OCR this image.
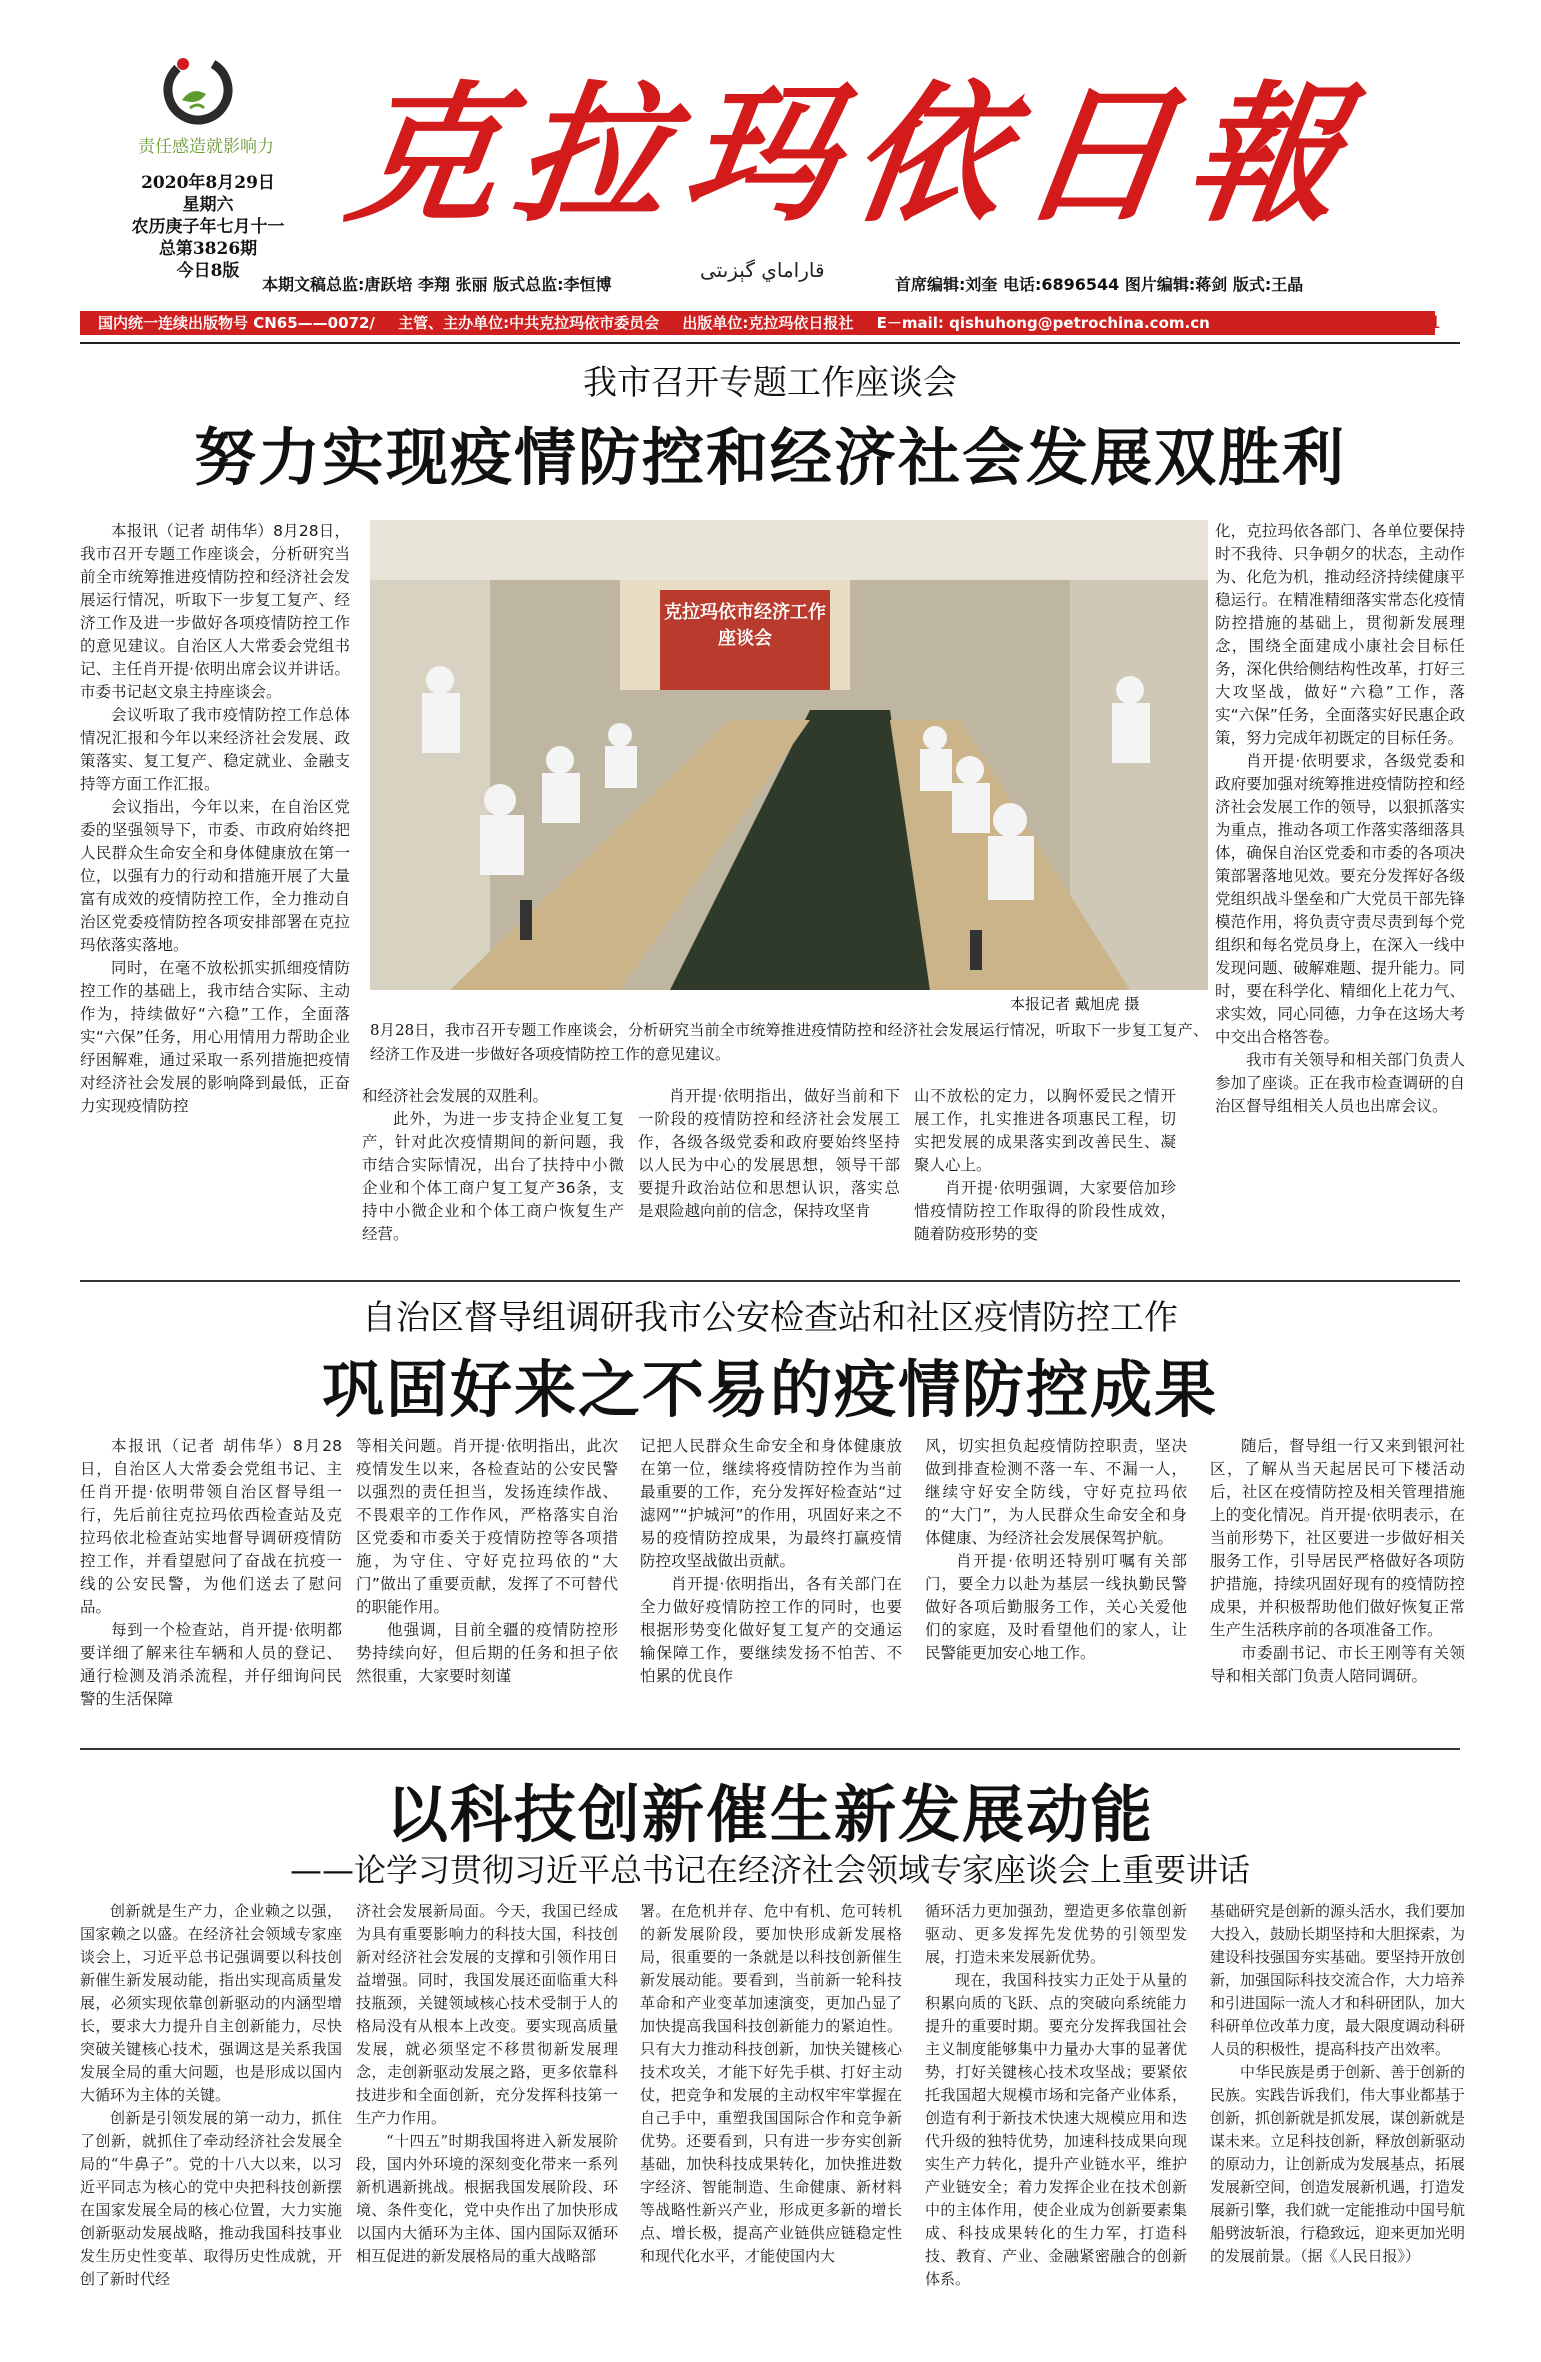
责任感造就影响力
2020年8月29日
星期六
农历庚子年七月十一
总第3826期
今日8版
克拉玛依日報
قاراماي گېزىتى
本期文稿总监:唐跃培 李翔 张丽 版式总监:李恒博	首席编辑:刘奎 电话:6896544 图片编辑:蒋剑 版式:王晶
国内统一连续出版物号 CN65——0072/ 主管、主办单位:中共克拉玛依市委员会 出版单位:克拉玛依日报社 E－mail: qishuhong@petrochina.com.cn	01
我市召开专题工作座谈会
努力实现疫情防控和经济社会发展双胜利

本报讯（记者 胡伟华）8月28日，我市召开专题工作座谈会，分析研究当前全市统筹推进疫情防控和经济社会发展运行情况，听取下一步复工复产、经济工作及进一步做好各项疫情防控工作的意见建议。自治区人大常委会党组书记、主任肖开提·依明出席会议并讲话。市委书记赵文泉主持座谈会。

会议听取了我市疫情防控工作总体情况汇报和今年以来经济社会发展、政策落实、复工复产、稳定就业、金融支持等方面工作汇报。

会议指出，今年以来，在自治区党委的坚强领导下，市委、市政府始终把人民群众生命安全和身体健康放在第一位，以强有力的行动和措施开展了大量富有成效的疫情防控工作，全力推动自治区党委疫情防控各项安排部署在克拉玛依落实落地。

同时，在毫不放松抓实抓细疫情防控工作的基础上，我市结合实际、主动作为，持续做好“六稳”工作，全面落实“六保”任务，用心用情用力帮助企业纾困解难，通过采取一系列措施把疫情对经济社会发展的影响降到最低，正奋力实现疫情防控

克拉玛依市经济工作座谈会
本报记者 戴旭虎 摄
8月28日，我市召开专题工作座谈会，分析研究当前全市统筹推进疫情防控和经济社会发展运行情况，听取下一步复工复产、经济工作及进一步做好各项疫情防控工作的意见建议。

和经济社会发展的双胜利。

此外，为进一步支持企业复工复产，针对此次疫情期间的新问题，我市结合实际情况，出台了扶持中小微企业和个体工商户复工复产36条，支持中小微企业和个体工商户恢复生产经营。

肖开提·依明指出，做好当前和下一阶段的疫情防控和经济社会发展工作，各级各级党委和政府要始终坚持以人民为中心的发展思想，领导干部要提升政治站位和思想认识，落实￼总是艰险越向前的信念，保持攻坚肯

山不放松的定力，以胸怀爱民之情开展工作，扎实推进各项惠民工程，切实把发展的成果落实到改善民生、凝聚人心上。

肖开提·依明强调，大家要倍加珍惜疫情防控工作取得的阶段性成效，随着防疫形势的变

化，克拉玛依各部门、各单位要保持时不我待、只争朝夕的状态，主动作为、化危为机，推动经济持续健康平稳运行。在精准精细落实常态化疫情防控措施的基础上，贯彻新发展理念，围绕全面建成小康社会目标任务，深化供给侧结构性改革，打好三大攻坚战，做好“六稳”工作，落实“六保”任务，全面落实好民惠企政策，努力完成年初既定的目标任务。

肖开提·依明要求，各级党委和政府要加强对统筹推进疫情防控和经济社会发展工作的领导，以狠抓落实为重点，推动各项工作落实落细落具体，确保自治区党委和市委的各项决策部署落地见效。要充分发挥好各级党组织战斗堡垒和广大党员干部先锋模范作用，将负责守责尽责到每个党组织和每名党员身上，在深入一线中发现问题、破解难题、提升能力。同时，要在科学化、精细化上花力气、求实效，同心同德，力争在这场大考中交出合格答卷。

我市有关领导和相关部门负责人参加了座谈。正在我市检查调研的自治区督导组相关人员也出席会议。

自治区督导组调研我市公安检查站和社区疫情防控工作
巩固好来之不易的疫情防控成果

本报讯（记者 胡伟华）8月28日，自治区人大常委会党组书记、主任肖开提·依明带领自治区督导组一行，先后前往克拉玛依西检查站及克拉玛依北检查站实地督导调研疫情防控工作，并看望慰问了奋战在抗疫一线的公安民警，为他们送去了慰问品。

每到一个检查站，肖开提·依明都要详细了解来往车辆和人员的登记、通行检测及消杀流程，并仔细询问民警的生活保障

等相关问题。肖开提·依明指出，此次疫情发生以来，各检查站的公安民警以强烈的责任担当，发扬连续作战、不畏艰辛的工作作风，严格落实自治区党委和市委关于疫情防控等各项措施，为守住、守好克拉玛依的“大门”做出了重要贡献，发挥了不可替代的职能作用。

他强调，目前全疆的疫情防控形势持续向好，但后期的任务和担子依然很重，大家要时刻谨

记把人民群众生命安全和身体健康放在第一位，继续将疫情防控作为当前最重要的工作，充分发挥好检查站“过滤网”“护城河”的作用，巩固好来之不易的疫情防控成果，为最终打赢疫情防控攻坚战做出贡献。

肖开提·依明指出，各有关部门在全力做好疫情防控工作的同时，也要根据形势变化做好复工复产的交通运输保障工作，要继续发扬不怕苦、不怕累的优良作

风，切实担负起疫情防控职责，坚决做到排查检测不落一车、不漏一人，继续守好安全防线，守好克拉玛依的“大门”，为人民群众生命安全和身体健康、为经济社会发展保驾护航。

肖开提·依明还特别叮嘱有关部门，要全力以赴为基层一线执勤民警做好各项后勤服务工作，关心关爱他们的家庭，及时看望他们的家人，让民警能更加安心地工作。

随后，督导组一行又来到银河社区，了解从当天起居民可下楼活动后，社区在疫情防控及相关管理措施上的变化情况。肖开提·依明表示，在当前形势下，社区要进一步做好相关服务工作，引导居民严格做好各项防护措施，持续巩固好现有的疫情防控成果，并积极帮助他们做好恢复正常生产生活秩序前的各项准备工作。

市委副书记、市长王刚等有关领导和相关部门负责人陪同调研。

以科技创新催生新发展动能
——论学习贯彻习近平总书记在经济社会领域专家座谈会上重要讲话

创新就是生产力，企业赖之以强，国家赖之以盛。在经济社会领域专家座谈会上，习近平总书记强调要以科技创新催生新发展动能，指出实现高质量发展，必须实现依靠创新驱动的内涵型增长，要求大力提升自主创新能力，尽快突破关键核心技术，强调这是关系我国发展全局的重大问题，也是形成以国内大循环为主体的关键。

创新是引领发展的第一动力，抓住了创新，就抓住了牵动经济社会发展全局的“牛鼻子”。党的十八大以来，以习近平同志为核心的党中央把科技创新摆在国家发展全局的核心位置，大力实施创新驱动发展战略，推动我国科技事业发生历史性变革、取得历史性成就，开创了新时代经

济社会发展新局面。今天，我国已经成为具有重要影响力的科技大国，科技创新对经济社会发展的支撑和引领作用日益增强。同时，我国发展还面临重大科技瓶颈，关键领域核心技术受制于人的格局没有从根本上改变。要实现高质量发展，就必须坚定不移贯彻新发展理念，走创新驱动发展之路，更多依靠科技进步和全面创新，充分发挥科技第一生产力作用。

“十四五”时期我国将进入新发展阶段，国内外环境的深刻变化带来一系列新机遇新挑战。根据我国发展阶段、环境、条件变化，党中央作出了加快形成以国内大循环为主体、国内国际双循环相互促进的新发展格局的重大战略部

署。在危机并存、危中有机、危可转机的新发展阶段，要加快形成新发展格局，很重要的一条就是以科技创新催生新发展动能。要看到，当前新一轮科技革命和产业变革加速演变，更加凸显了加快提高我国科技创新能力的紧迫性。只有大力推动科技创新，加快关键核心技术攻关，才能下好先手棋、打好主动仗，把竞争和发展的主动权牢牢掌握在自己手中，重塑我国国际合作和竞争新优势。还要看到，只有进一步夯实创新基础，加快科技成果转化，加快推进数字经济、智能制造、生命健康、新材料等战略性新兴产业，形成更多新的增长点、增长极，提高产业链供应链稳定性和现代化水平，才能使国内大

循环活力更加强劲，塑造更多依靠创新驱动、更多发挥先发优势的引领型发展，打造未来发展新优势。

现在，我国科技实力正处于从量的积累向质的飞跃、点的突破向系统能力提升的重要时期。要充分发挥我国社会主义制度能够集中力量办大事的显著优势，打好关键核心技术攻坚战；要紧依托我国超大规模市场和完备产业体系，创造有利于新技术快速大规模应用和迭代升级的独特优势，加速科技成果向现实生产力转化，提升产业链水平，维护产业链安全；着力发挥企业在技术创新中的主体作用，使企业成为创新要素集成、科技成果转化的生力军，打造科技、教育、产业、金融紧密融合的创新体系。

基础研究是创新的源头活水，我们要加大投入，鼓励长期坚持和大胆探索，为建设科技强国夯实基础。要坚持开放创新，加强国际科技交流合作，大力培养和引进国际一流人才和科研团队，加大科研单位改革力度，最大限度调动科研人员的积极性，提高科技产出效率。

中华民族是勇于创新、善于创新的民族。实践告诉我们，伟大事业都基于创新，抓创新就是抓发展，谋创新就是谋未来。立足科技创新，释放创新驱动的原动力，让创新成为发展基点，拓展发展新空间，创造发展新机遇，打造发展新引擎，我们就一定能推动中国号航船劈波斩浪，行稳致远，迎来更加光明的发展前景。（据《人民日报》）
